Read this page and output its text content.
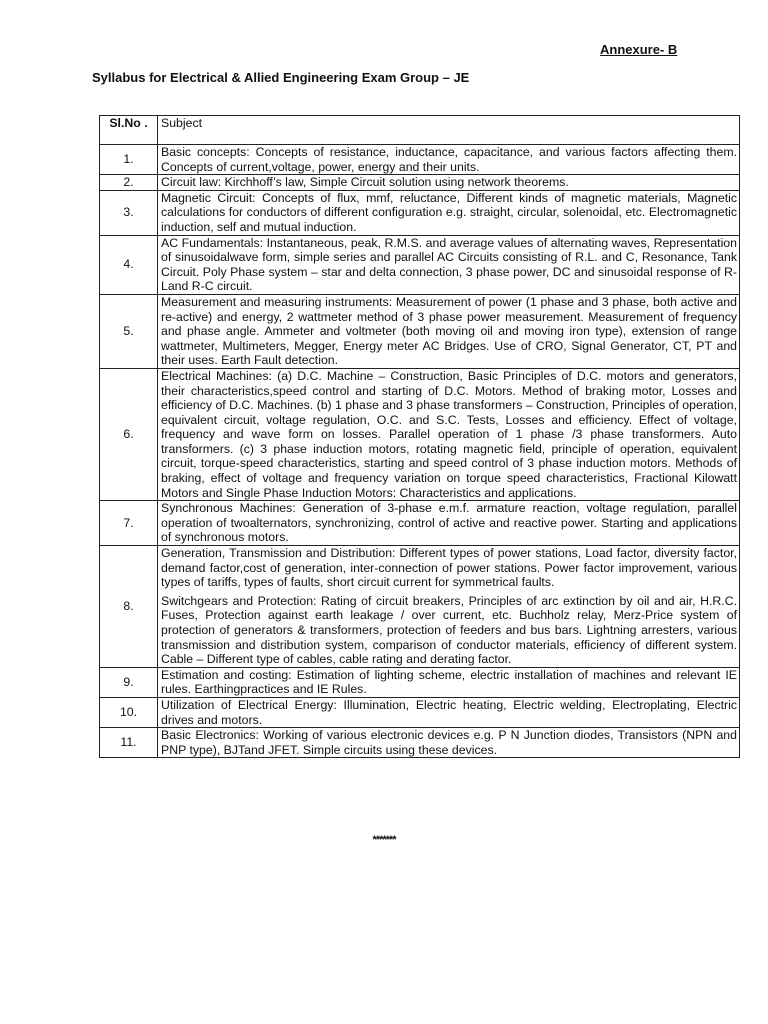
Annexure- B
Syllabus for Electrical & Allied Engineering Exam Group – JE
Sl.No .	Subject
1.	Basic concepts: Concepts of resistance, inductance, capacitance, and various factors affecting them. Concepts of current,voltage, power, energy and their units.

2.	Circuit law: Kirchhoff’s law, Simple Circuit solution using network theorems.

3.	Magnetic Circuit: Concepts of flux, mmf, reluctance, Different kinds of magnetic materials, Magnetic calculations for conductors of different configuration e.g. straight, circular, solenoidal, etc. Electromagnetic induction, self and mutual induction.

4.	AC Fundamentals: Instantaneous, peak, R.M.S. and average values of alternating waves, Representation of sinusoidalwave form, simple series and parallel AC Circuits consisting of R.L. and C, Resonance, Tank Circuit. Poly Phase system – star and delta connection, 3 phase power, DC and sinusoidal response of R-Land R-C circuit.

5.	Measurement and measuring instruments: Measurement of power (1 phase and 3 phase, both active and re-active) and energy, 2 wattmeter method of 3 phase power measurement. Measurement of frequency and phase angle. Ammeter and voltmeter (both moving oil and moving iron type), extension of range wattmeter, Multimeters, Megger, Energy meter AC Bridges. Use of CRO, Signal Generator, CT, PT and their uses. Earth Fault detection.

6.	Electrical Machines: (a) D.C. Machine – Construction, Basic Principles of D.C. motors and generators, their characteristics,speed control and starting of D.C. Motors. Method of braking motor, Losses and efficiency of D.C. Machines. (b) 1 phase and 3 phase transformers – Construction, Principles of operation, equivalent circuit, voltage regulation, O.C. and S.C. Tests, Losses and efficiency. Effect of voltage, frequency and wave form on losses. Parallel operation of 1 phase /3 phase transformers. Auto transformers. (c) 3 phase induction motors, rotating magnetic field, principle of operation, equivalent circuit, torque-speed characteristics, starting and speed control of 3 phase induction motors. Methods of braking, effect of voltage and frequency variation on torque speed characteristics, Fractional Kilowatt Motors and Single Phase Induction Motors: Characteristics and applications.

7.	Synchronous Machines: Generation of 3-phase e.m.f. armature reaction, voltage regulation, parallel operation of twoalternators, synchronizing, control of active and reactive power. Starting and applications of synchronous motors.

8.	Generation, Transmission and Distribution: Different types of power stations, Load factor, diversity factor, demand factor,cost of generation, inter-connection of power stations. Power factor improvement, various types of tariffs, types of faults, short circuit current for symmetrical faults.
Switchgears and Protection: Rating of circuit breakers, Principles of arc extinction by oil and air, H.R.C. Fuses, Protection against earth leakage / over current, etc. Buchholz relay, Merz-Price system of protection of generators & transformers, protection of feeders and bus bars. Lightning arresters, various transmission and distribution system, comparison of conductor materials, efficiency of different system. Cable – Different type of cables, cable rating and derating factor.

9.	Estimation and costing: Estimation of lighting scheme, electric installation of machines and relevant IE rules. Earthingpractices and IE Rules.

10.	Utilization of Electrical Energy: Illumination, Electric heating, Electric welding, Electroplating, Electric drives and motors.

11.	Basic Electronics: Working of various electronic devices e.g. P N Junction diodes, Transistors (NPN and PNP type), BJTand JFET. Simple circuits using these devices.
*******
